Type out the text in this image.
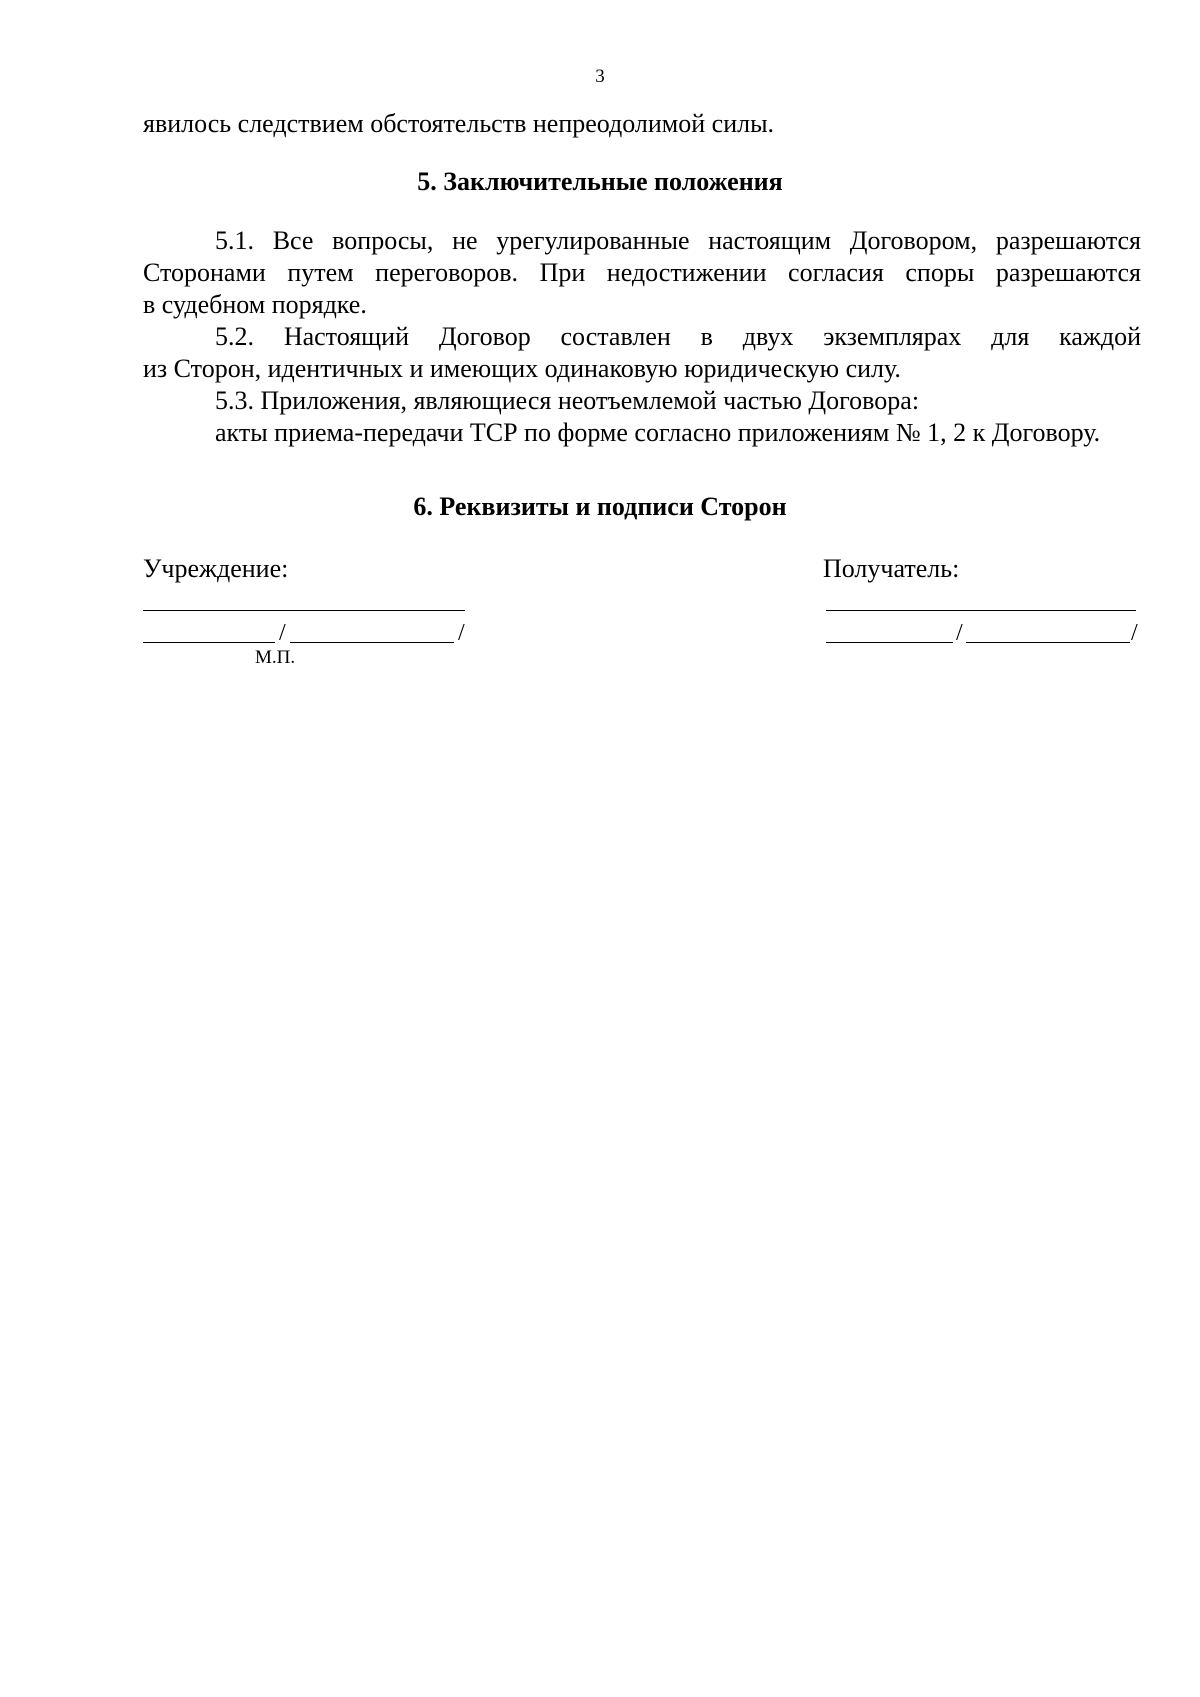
3
явилось следствием обстоятельств непреодолимой силы.
5. Заключительные положения
5.1. Все вопросы, не урегулированные настоящим Договором, разрешаются
Сторонами путем переговоров. При недостижении согласия споры разрешаются
в судебном порядке.
5.2. Настоящий Договор составлен в двух экземплярах для каждой
из Сторон, идентичных и имеющих одинаковую юридическую силу.
5.3. Приложения, являющиеся неотъемлемой частью Договора:
акты приема-передачи ТСР по форме согласно приложениям № 1, 2 к Договору.
6. Реквизиты и подписи Сторон
Учреждение:
/	/
М.П.
Получатель:
/	/
